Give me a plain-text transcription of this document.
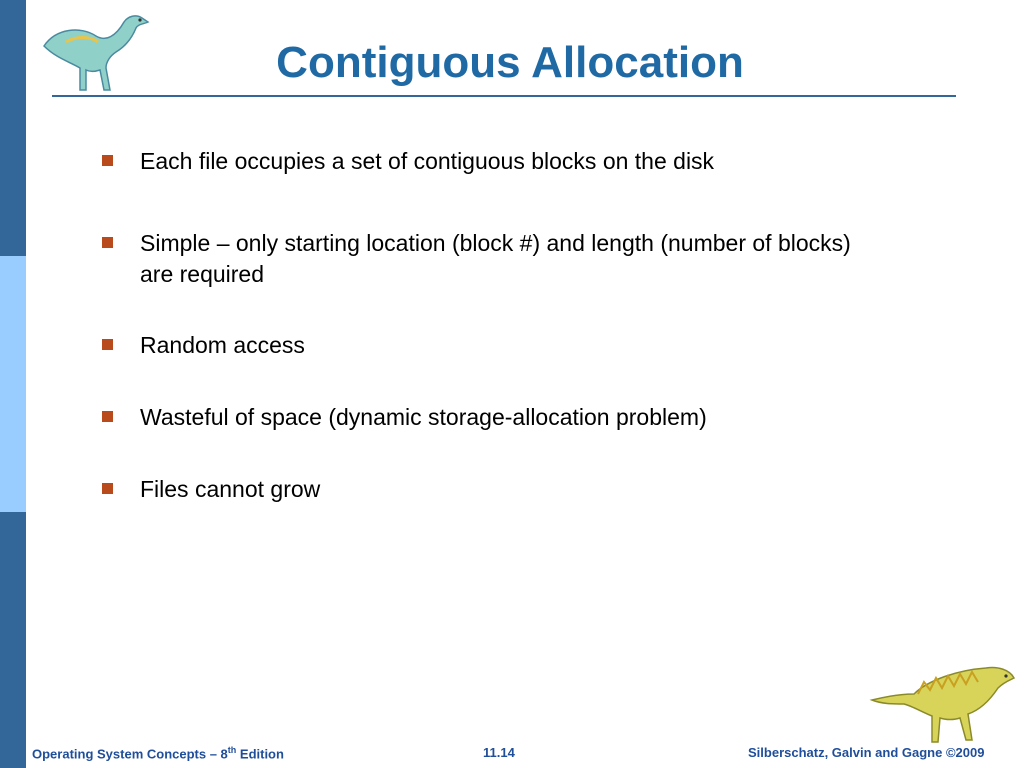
Contiguous Allocation
Each file occupies a set of contiguous blocks on the disk
Simple – only starting location (block #) and length (number of blocks) are required
Random access
Wasteful of space (dynamic storage-allocation problem)
Files cannot grow
Operating System Concepts – 8th Edition	11.14	Silberschatz, Galvin and Gagne ©2009
